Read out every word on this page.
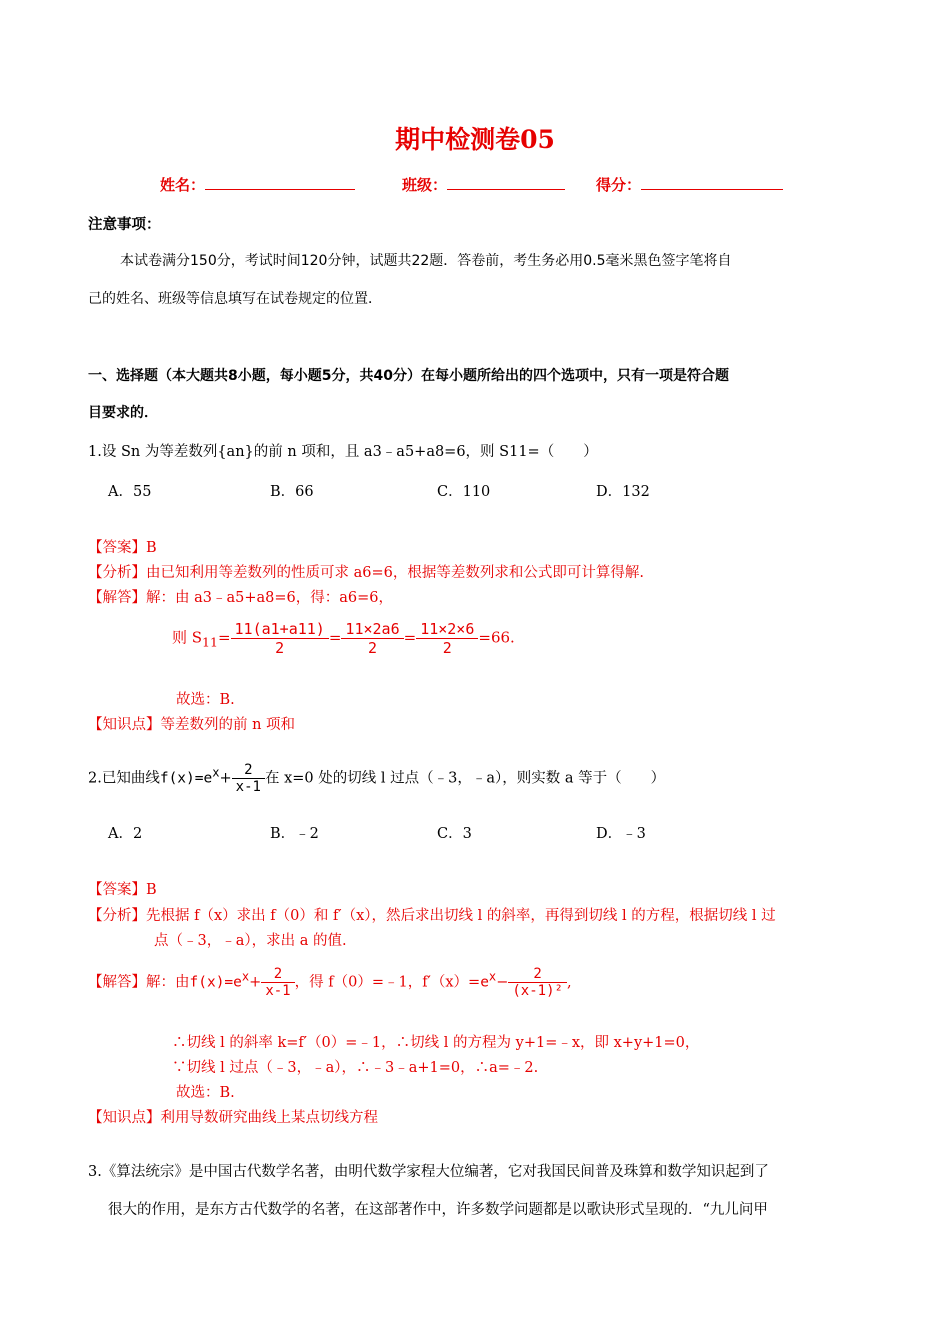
期中检测卷05
姓名：	班级：	得分：
注意事项：
本试卷满分150分，考试时间120分钟，试题共22题．答卷前，考生务必用0.5毫米黑色签字笔将自
己的姓名、班级等信息填写在试卷规定的位置．
一、选择题（本大题共8小题，每小题5分，共40分）在每小题所给出的四个选项中，只有一项是符合题
目要求的．
1.设 Sn 为等差数列{an}的前 n 项和，且 a3﹣a5+a8=6，则 S11=（　　）
A．55	B．66	C．110	D．132
【答案】B
【分析】由已知利用等差数列的性质可求 a6=6，根据等差数列求和公式即可计算得解.
【解答】解：由 a3﹣a5+a8=6，得：a6=6，
则 $S_{11}= \frac{11(a1+a11)}{2} = \frac{11\times 2a6}{2} = \frac{11\times 2\times 6}{2} =66$.
故选：B.
【知识点】等差数列的前 n 项和
2.已知曲线$f(x)=e^x+ \frac{2}{x-1}$ 在 x=0 处的切线 l 过点（﹣3，﹣a），则实数 a 等于（　　）
A．2	B．﹣2	C．3	D．﹣3
【答案】B
【分析】先根据 f（x）求出 f（0）和 f′（x），然后求出切线 l 的斜率，再得到切线 l 的方程，根据切线 l 过
点（﹣3，﹣a），求出 a 的值.
【解答】解：由$f(x)=e^x+ \frac{2}{x-1}$ ，得 f（0）=﹣1，$f'(x)=e^x- \frac{2}{\text{(x-1)²}}$ ,
∴切线 l 的斜率 k=f′（0）=﹣1，∴切线 l 的方程为 y+1=﹣x，即 x+y+1=0，
∵切线 l 过点（﹣3，﹣a），∴﹣3﹣a+1=0，∴a=﹣2.
故选：B.
【知识点】利用导数研究曲线上某点切线方程
3.《算法统宗》是中国古代数学名著，由明代数学家程大位编著，它对我国民间普及珠算和数学知识起到了
很大的作用，是东方古代数学的名著，在这部著作中，许多数学问题都是以歌诀形式呈现的．“九儿问甲
